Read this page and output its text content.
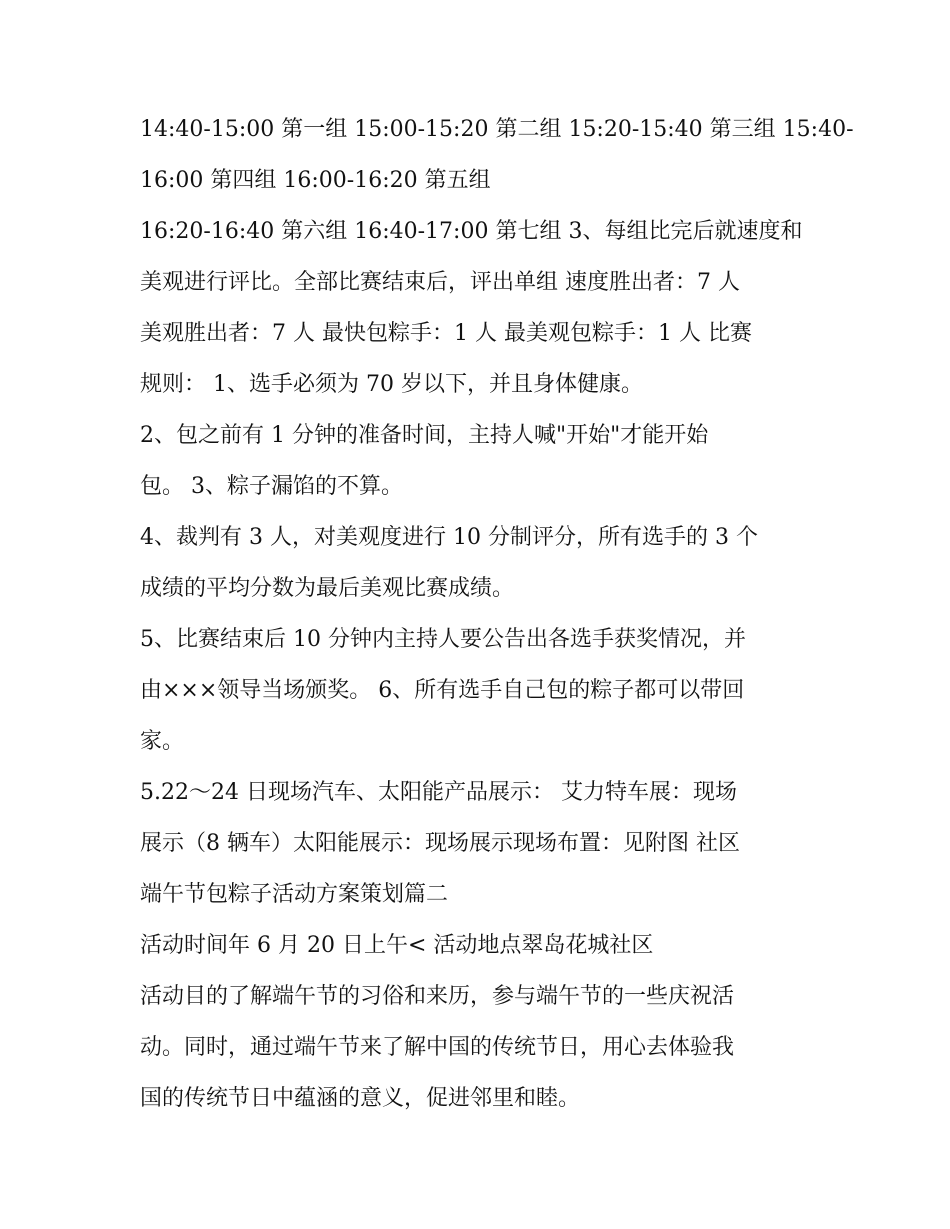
14:40-15:00 第一组 15:00-15:20 第二组 15:20-15:40 第三组 15:40-
16:00 第四组 16:00-16:20 第五组
16:20-16:40 第六组 16:40-17:00 第七组 3、每组比完后就速度和
美观进行评比。全部比赛结束后，评出单组 速度胜出者：7 人
美观胜出者：7 人 最快包粽手：1 人 最美观包粽手：1 人 比赛
规则： 1、选手必须为 70 岁以下，并且身体健康。
2、包之前有 1 分钟的准备时间，主持人喊"开始"才能开始
包。 3、粽子漏馅的不算。
4、裁判有 3 人，对美观度进行 10 分制评分，所有选手的 3 个
成绩的平均分数为最后美观比赛成绩。
5、比赛结束后 10 分钟内主持人要公告出各选手获奖情况，并
由×××领导当场颁奖。 6、所有选手自己包的粽子都可以带回
家。
5.22～24 日现场汽车、太阳能产品展示： 艾力特车展：现场
展示（8 辆车）太阳能展示：现场展示现场布置：见附图 社区
端午节包粽子活动方案策划篇二
活动时间年 6 月 20 日上午< 活动地点翠岛花城社区
活动目的了解端午节的习俗和来历，参与端午节的一些庆祝活
动。同时，通过端午节来了解中国的传统节日，用心去体验我
国的传统节日中蕴涵的意义，促进邻里和睦。
